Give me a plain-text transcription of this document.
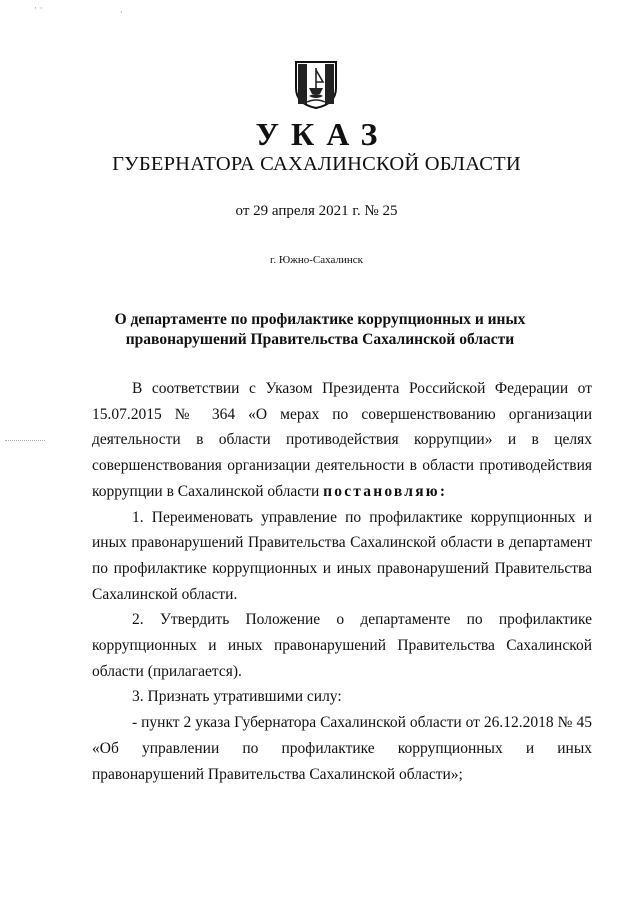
· ·	·
УКАЗ
ГУБЕРНАТОРА САХАЛИНСКОЙ ОБЛАСТИ
от 29 апреля 2021 г. № 25
г. Южно-Сахалинск
О департаменте по профилактике коррупционных и иных
правонарушений Правительства Сахалинской области

В соответствии с Указом Президента Российской Федерации от 15.07.2015 № 364 «О мерах по совершенствованию организации деятельности в области противодействия коррупции» и в целях совершенствования организации деятельности в области противодействия коррупции в Сахалинской области постановляю:

1. Переименовать управление по профилактике коррупционных и иных правонарушений Правительства Сахалинской области в департамент по профилактике коррупционных и иных правонарушений Правительства Сахалинской области.

2. Утвердить Положение о департаменте по профилактике коррупционных и иных правонарушений Правительства Сахалинской области (прилагается).

3. Признать утратившими силу:

- пункт 2 указа Губернатора Сахалинской области от 26.12.2018 № 45 «Об управлении по профилактике коррупционных и иных правонарушений Правительства Сахалинской области»;
